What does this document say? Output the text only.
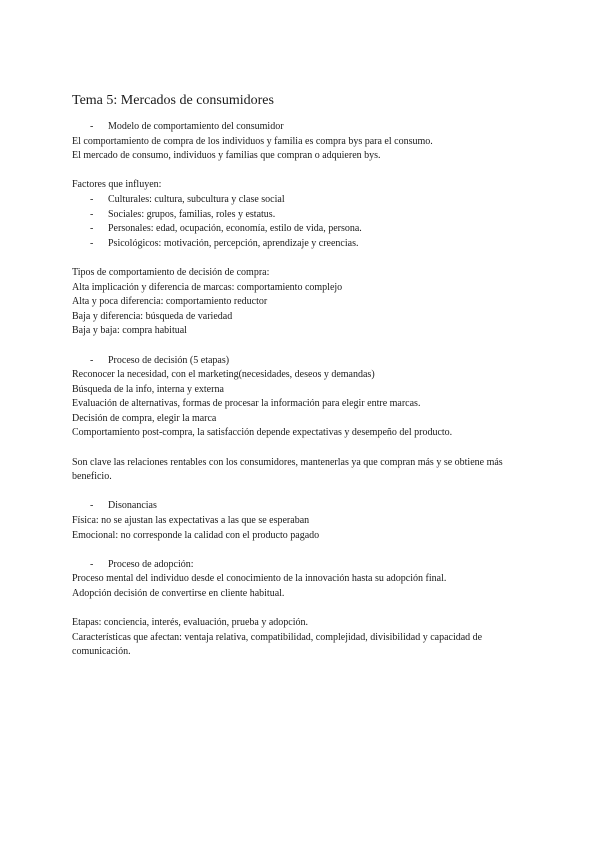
Tema 5: Mercados de consumidores
- Modelo de comportamiento del consumidor

El comportamiento de compra de los individuos y familia es compra bys para el consumo.

El mercado de consumo, individuos y familias que compran o adquieren bys.

Factores que influyen:

- Culturales: cultura, subcultura y clase social
- Sociales: grupos, familias, roles y estatus.
- Personales: edad, ocupación, economía, estilo de vida, persona.
- Psicológicos: motivación, percepción, aprendizaje y creencias.

Tipos de comportamiento de decisión de compra:

Alta implicación y diferencia de marcas: comportamiento complejo

Alta y poca diferencia: comportamiento reductor

Baja y diferencia: búsqueda de variedad

Baja y baja: compra habitual

- Proceso de decisión (5 etapas)

Reconocer la necesidad, con el marketing(necesidades, deseos y demandas)

Búsqueda de la info, interna y externa

Evaluación de alternativas, formas de procesar la información para elegir entre marcas.

Decisión de compra, elegir la marca

Comportamiento post-compra, la satisfacción depende expectativas y desempeño del producto.

Son clave las relaciones rentables con los consumidores, mantenerlas ya que compran más y se obtiene más beneficio.

- Disonancias

Física: no se ajustan las expectativas a las que se esperaban

Emocional: no corresponde la calidad con el producto pagado

- Proceso de adopción:

Proceso mental del individuo desde el conocimiento de la innovación hasta su adopción final.

Adopción decisión de convertirse en cliente habitual.

Etapas: conciencia, interés, evaluación, prueba y adopción.

Características que afectan: ventaja relativa, compatibilidad, complejidad, divisibilidad y capacidad de comunicación.
